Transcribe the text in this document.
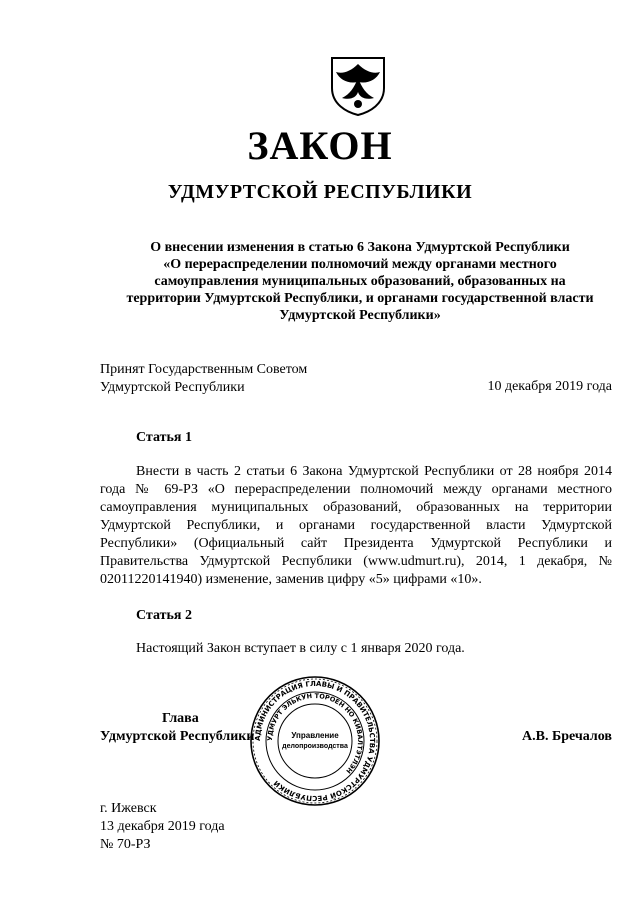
ЗАКОН
УДМУРТСКОЙ РЕСПУБЛИКИ
О внесении изменения в статью 6 Закона Удмуртской Республики
«О перераспределении полномочий между органами местного
самоуправления муниципальных образований, образованных на
территории Удмуртской Республики, и органами государственной власти
Удмуртской Республики»
Принят Государственным Советом
Удмуртской Республики	10 декабря 2019 года
Статья 1
Внести в часть 2 статьи 6 Закона Удмуртской Республики от 28 ноября 2014 года № 69-РЗ «О перераспределении полномочий между органами местного самоуправления муниципальных образований, образованных на территории Удмуртской Республики, и органами государственной власти Удмуртской Республики» (Официальный сайт Президента Удмуртской Республики и Правительства Удмуртской Республики (www.udmurt.ru), 2014, 1 декабря, № 02011220141940) изменение, заменив цифру «5» цифрами «10».
Статья 2
Настоящий Закон вступает в силу с 1 января 2020 года.
Глава
Удмуртской Республики	А.В. Бречалов
АДМИНИСТРАЦИЯ ГЛАВЫ И ПРАВИТЕЛЬСТВА УДМУРТСКОЙ РЕСПУБЛИКИ
УДМУРТ ЭЛЬКУН ТОРОЕН НО КИВАЛТЭТЛЭН
Управление
делопроизводства
г. Ижевск
13 декабря 2019 года
№ 70-РЗ
